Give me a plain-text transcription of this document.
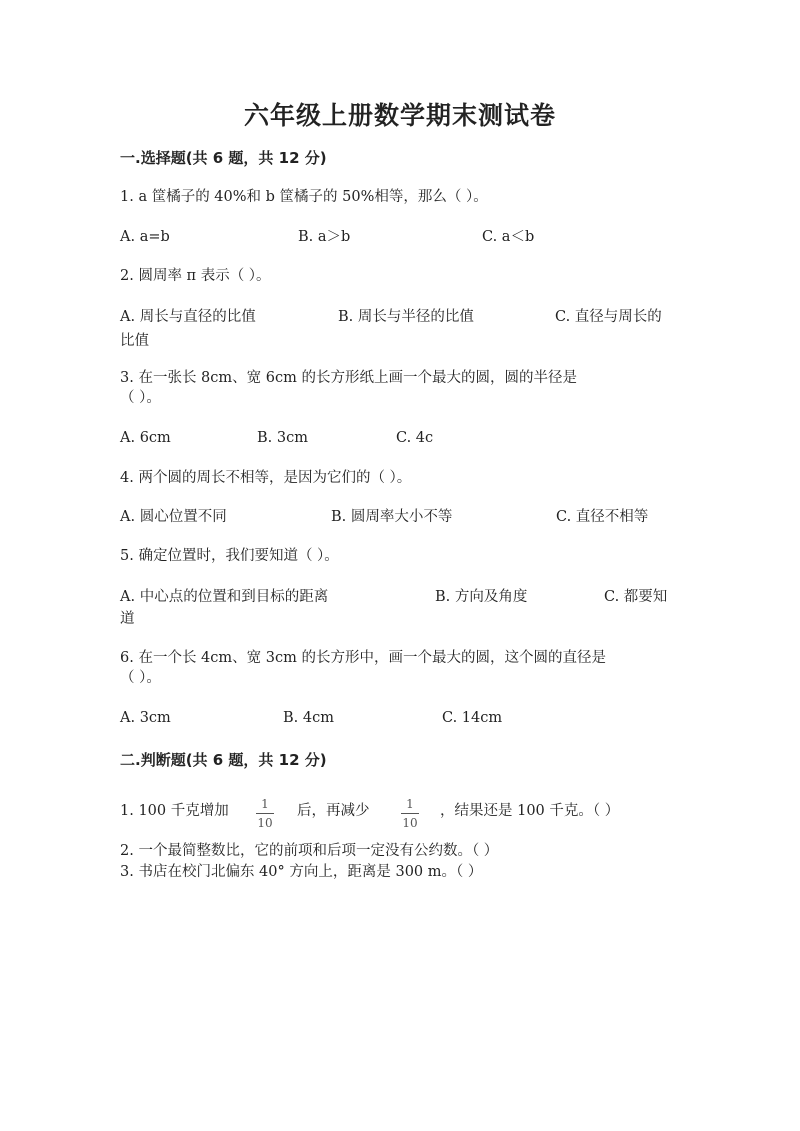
六年级上册数学期末测试卷
一.选择题(共 6 题，共 12 分)
1. a 筐橘子的 40%和 b 筐橘子的 50%相等，那么（ ）。
A. a=b	B. a＞b	C. a＜b
2. 圆周率 π 表示（ ）。
A. 周长与直径的比值	B. 周长与半径的比值	C. 直径与周长的
比值
3. 在一张长 8cm、宽 6cm 的长方形纸上画一个最大的圆，圆的半径是
（ ）。
A. 6cm	B. 3cm	C. 4c
4. 两个圆的周长不相等，是因为它们的（ ）。
A. 圆心位置不同	B. 圆周率大小不等	C. 直径不相等
5. 确定位置时，我们要知道（ ）。
A. 中心点的位置和到目标的距离	B. 方向及角度	C. 都要知
道
6. 在一个长 4cm、宽 3cm 的长方形中，画一个最大的圆，这个圆的直径是
（ ）。
A. 3cm	B. 4cm	C. 14cm
二.判断题(共 6 题，共 12 分)
1. 100 千克增加	1
10
后，再减少	1
10
，结果还是 100 千克。（ ）
2. 一个最简整数比，它的前项和后项一定没有公约数。（ ）
3. 书店在校门北偏东 40° 方向上，距离是 300 m。（ ）
